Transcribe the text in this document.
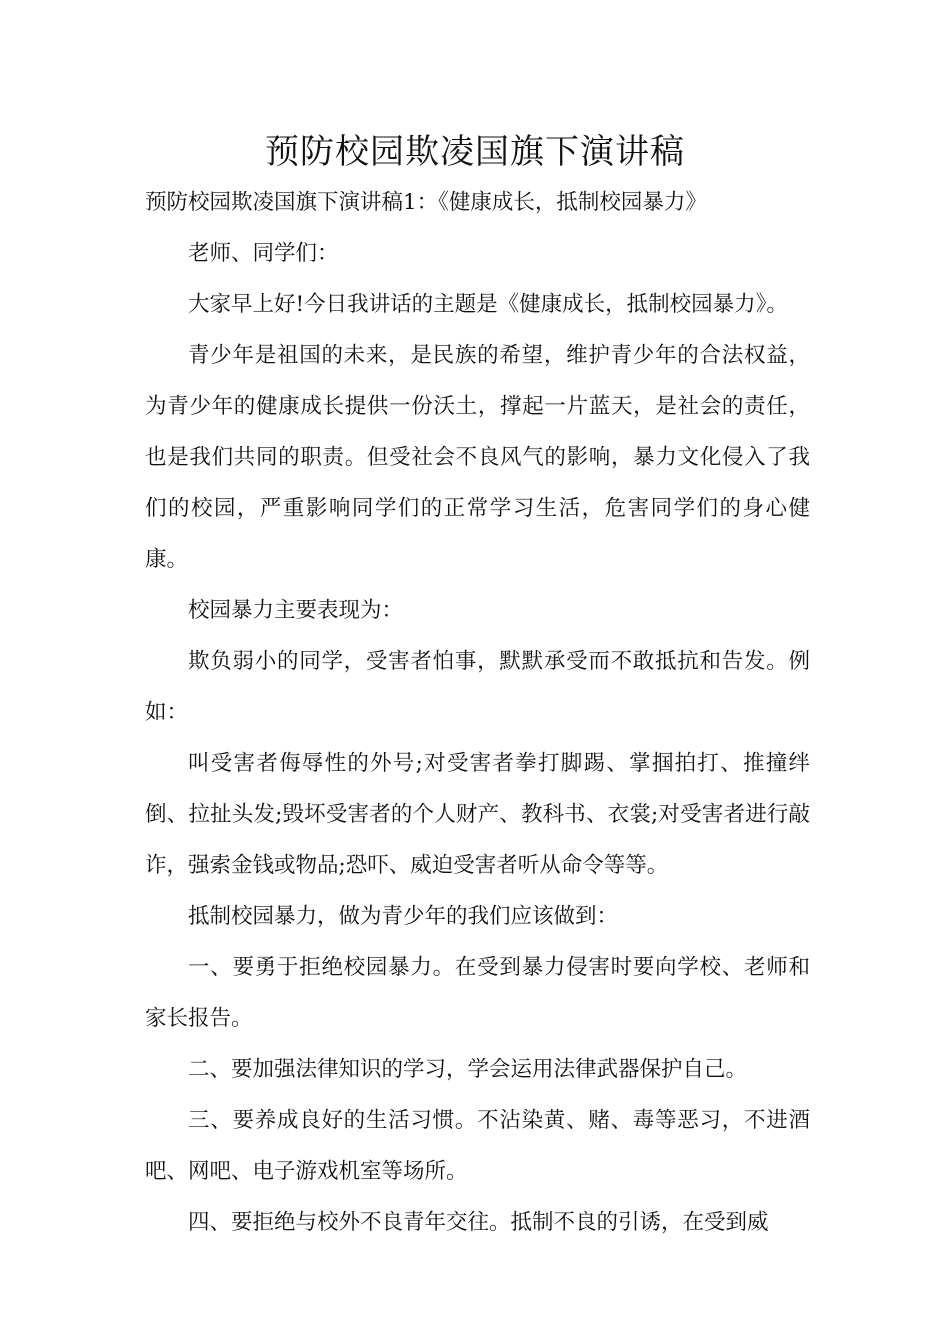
预防校园欺凌国旗下演讲稿

预防校园欺凌国旗下演讲稿1：《健康成长，抵制校园暴力》

老师、同学们：

大家早上好!今日我讲话的主题是《健康成长，抵制校园暴力》。

青少年是祖国的未来，是民族的希望，维护青少年的合法权益，为青少年的健康成长提供一份沃土，撑起一片蓝天，是社会的责任，也是我们共同的职责。但受社会不良风气的影响，暴力文化侵入了我们的校园，严重影响同学们的正常学习生活，危害同学们的身心健康。

校园暴力主要表现为：

欺负弱小的同学，受害者怕事，默默承受而不敢抵抗和告发。例如：

叫受害者侮辱性的外号;对受害者拳打脚踢、掌掴拍打、推撞绊倒、拉扯头发;毁坏受害者的个人财产、教科书、衣裳;对受害者进行敲诈，强索金钱或物品;恐吓、威迫受害者听从命令等等。

抵制校园暴力，做为青少年的我们应该做到：

一、要勇于拒绝校园暴力。在受到暴力侵害时要向学校、老师和家长报告。

二、要加强法律知识的学习，学会运用法律武器保护自己。

三、要养成良好的生活习惯。不沾染黄、赌、毒等恶习，不进酒吧、网吧、电子游戏机室等场所。

四、要拒绝与校外不良青年交往。抵制不良的引诱，在受到威
